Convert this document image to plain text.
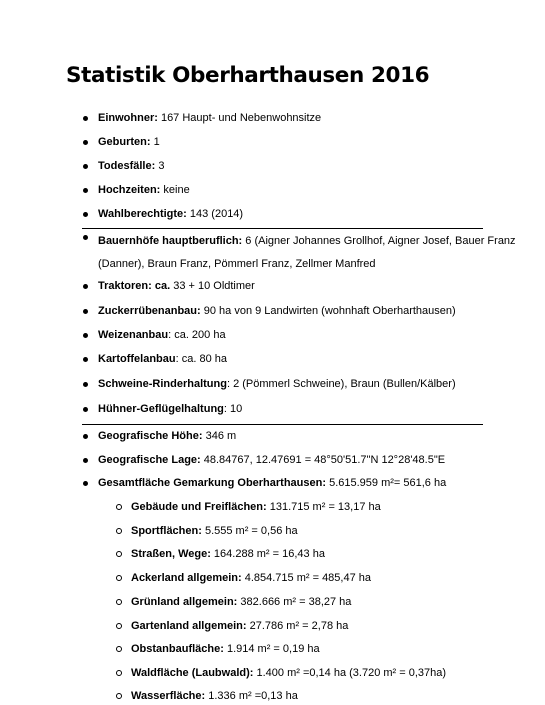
Statistik Oberharthausen 2016
Einwohner: 167 Haupt- und Nebenwohnsitze
Geburten: 1
Todesfälle: 3
Hochzeiten: keine
Wahlberechtigte: 143 (2014)
Bauernhöfe hauptberuflich: 6 (Aigner Johannes Grollhof, Aigner Josef, Bauer Franz (Danner), Braun Franz, Pömmerl Franz, Zellmer Manfred
Traktoren: ca. 33 + 10 Oldtimer
Zuckerrübenanbau: 90 ha von 9 Landwirten (wohnhaft Oberharthausen)
Weizenanbau: ca. 200 ha
Kartoffelanbau: ca. 80 ha
Schweine-Rinderhaltung: 2 (Pömmerl Schweine), Braun (Bullen/Kälber)
Hühner-Geflügelhaltung: 10
Geografische Höhe: 346 m
Geografische Lage: 48.84767, 12.47691 = 48°50'51.7"N 12°28'48.5"E
Gesamtfläche Gemarkung Oberharthausen: 5.615.959 m²= 561,6 ha
Gebäude und Freiflächen: 131.715 m² = 13,17 ha
Sportflächen: 5.555 m² = 0,56 ha
Straßen, Wege: 164.288 m² = 16,43 ha
Ackerland allgemein: 4.854.715 m² = 485,47 ha
Grünland allgemein: 382.666 m² = 38,27 ha
Gartenland allgemein: 27.786 m² = 2,78 ha
Obstanbaufläche: 1.914 m² = 0,19 ha
Waldfläche (Laubwald): 1.400 m² =0,14 ha (3.720 m² = 0,37ha)
Wasserfläche: 1.336 m² =0,13 ha
